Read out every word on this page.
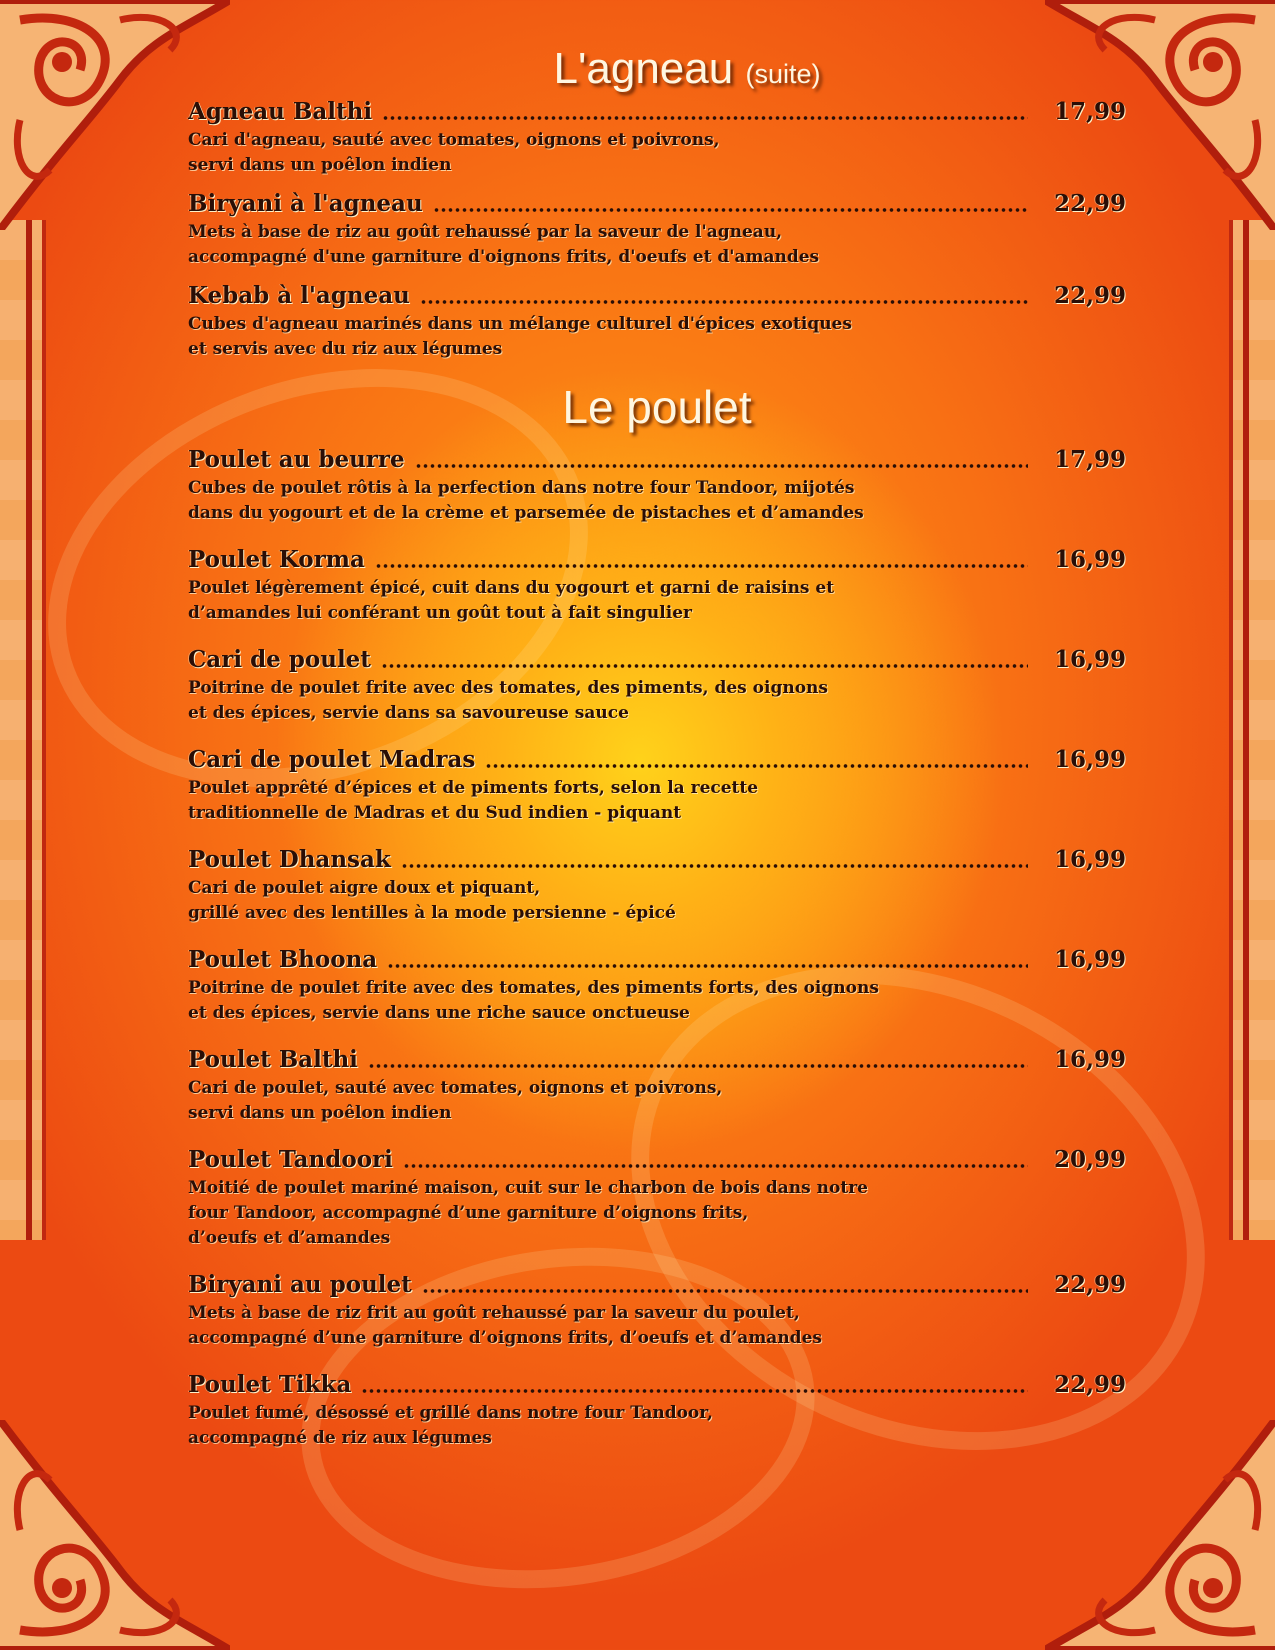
L'agneau (suite)
Agneau Balthi	17,99

Cari d'agneau, sauté avec tomates, oignons et poivrons,

servi dans un poêlon indien

Biryani à l'agneau	22,99

Mets à base de riz au goût rehaussé par la saveur de l'agneau,

accompagné d'une garniture d'oignons frits, d'oeufs et d'amandes

Kebab à l'agneau	22,99

Cubes d'agneau marinés dans un mélange culturel d'épices exotiques

et servis avec du riz aux légumes

Le poulet
Poulet au beurre	17,99

Cubes de poulet rôtis à la perfection dans notre four Tandoor, mijotés

dans du yogourt et de la crème et parsemée de pistaches et d’amandes

Poulet Korma	16,99

Poulet légèrement épicé, cuit dans du yogourt et garni de raisins et

d’amandes lui conférant un goût tout à fait singulier

Cari de poulet	16,99

Poitrine de poulet frite avec des tomates, des piments, des oignons

et des épices, servie dans sa savoureuse sauce

Cari de poulet Madras	16,99

Poulet apprêté d’épices et de piments forts, selon la recette

traditionnelle de Madras et du Sud indien - piquant

Poulet Dhansak	16,99

Cari de poulet aigre doux et piquant,

grillé avec des lentilles à la mode persienne - épicé

Poulet Bhoona	16,99

Poitrine de poulet frite avec des tomates, des piments forts, des oignons

et des épices, servie dans une riche sauce onctueuse

Poulet Balthi	16,99

Cari de poulet, sauté avec tomates, oignons et poivrons,

servi dans un poêlon indien

Poulet Tandoori	20,99

Moitié de poulet mariné maison, cuit sur le charbon de bois dans notre

four Tandoor, accompagné d’une garniture d’oignons frits,

d’oeufs et d’amandes

Biryani au poulet	22,99

Mets à base de riz frit au goût rehaussé par la saveur du poulet,

accompagné d’une garniture d’oignons frits, d’oeufs et d’amandes

Poulet Tikka	22,99

Poulet fumé, désossé et grillé dans notre four Tandoor,

accompagné de riz aux légumes
